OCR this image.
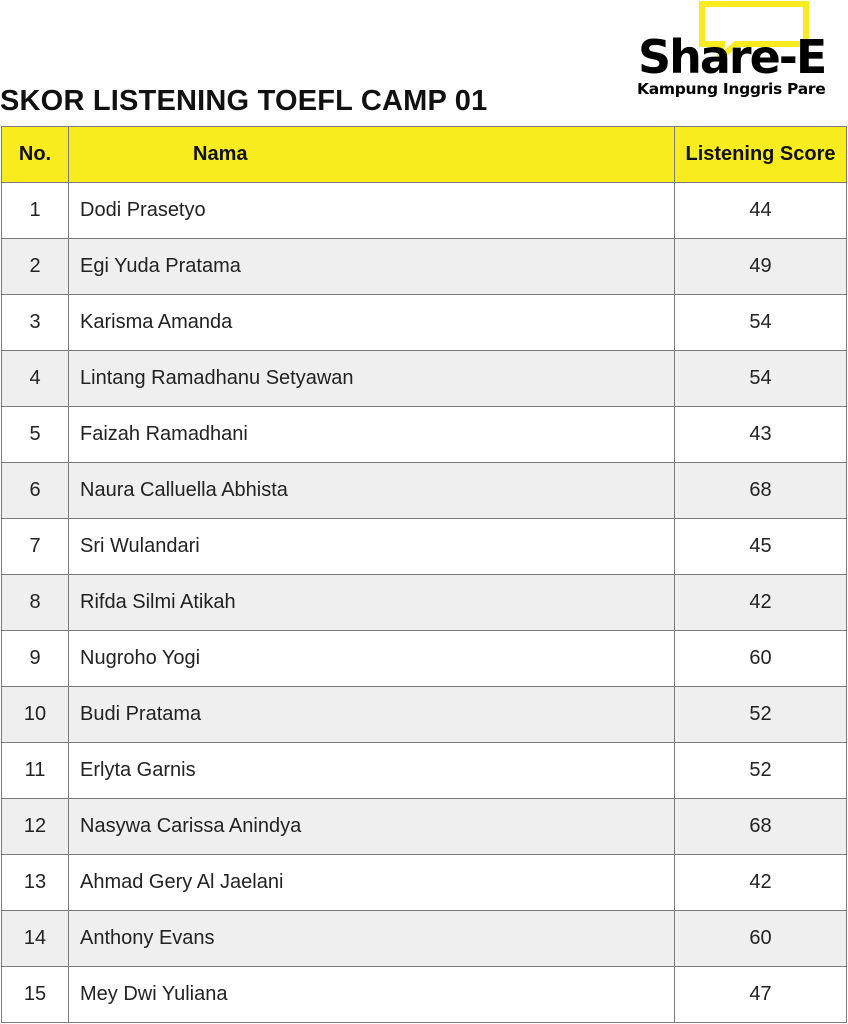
SKOR LISTENING TOEFL CAMP 01
Share-E
Kampung Inggris Pare
No.	Nama	Listening Score
1	Dodi Prasetyo	44
2	Egi Yuda Pratama	49
3	Karisma Amanda	54
4	Lintang Ramadhanu Setyawan	54
5	Faizah Ramadhani	43
6	Naura Calluella Abhista	68
7	Sri Wulandari	45
8	Rifda Silmi Atikah	42
9	Nugroho Yogi	60
10	Budi Pratama	52
11	Erlyta Garnis	52
12	Nasywa Carissa Anindya	68
13	Ahmad Gery Al Jaelani	42
14	Anthony Evans	60
15	Mey Dwi Yuliana	47
